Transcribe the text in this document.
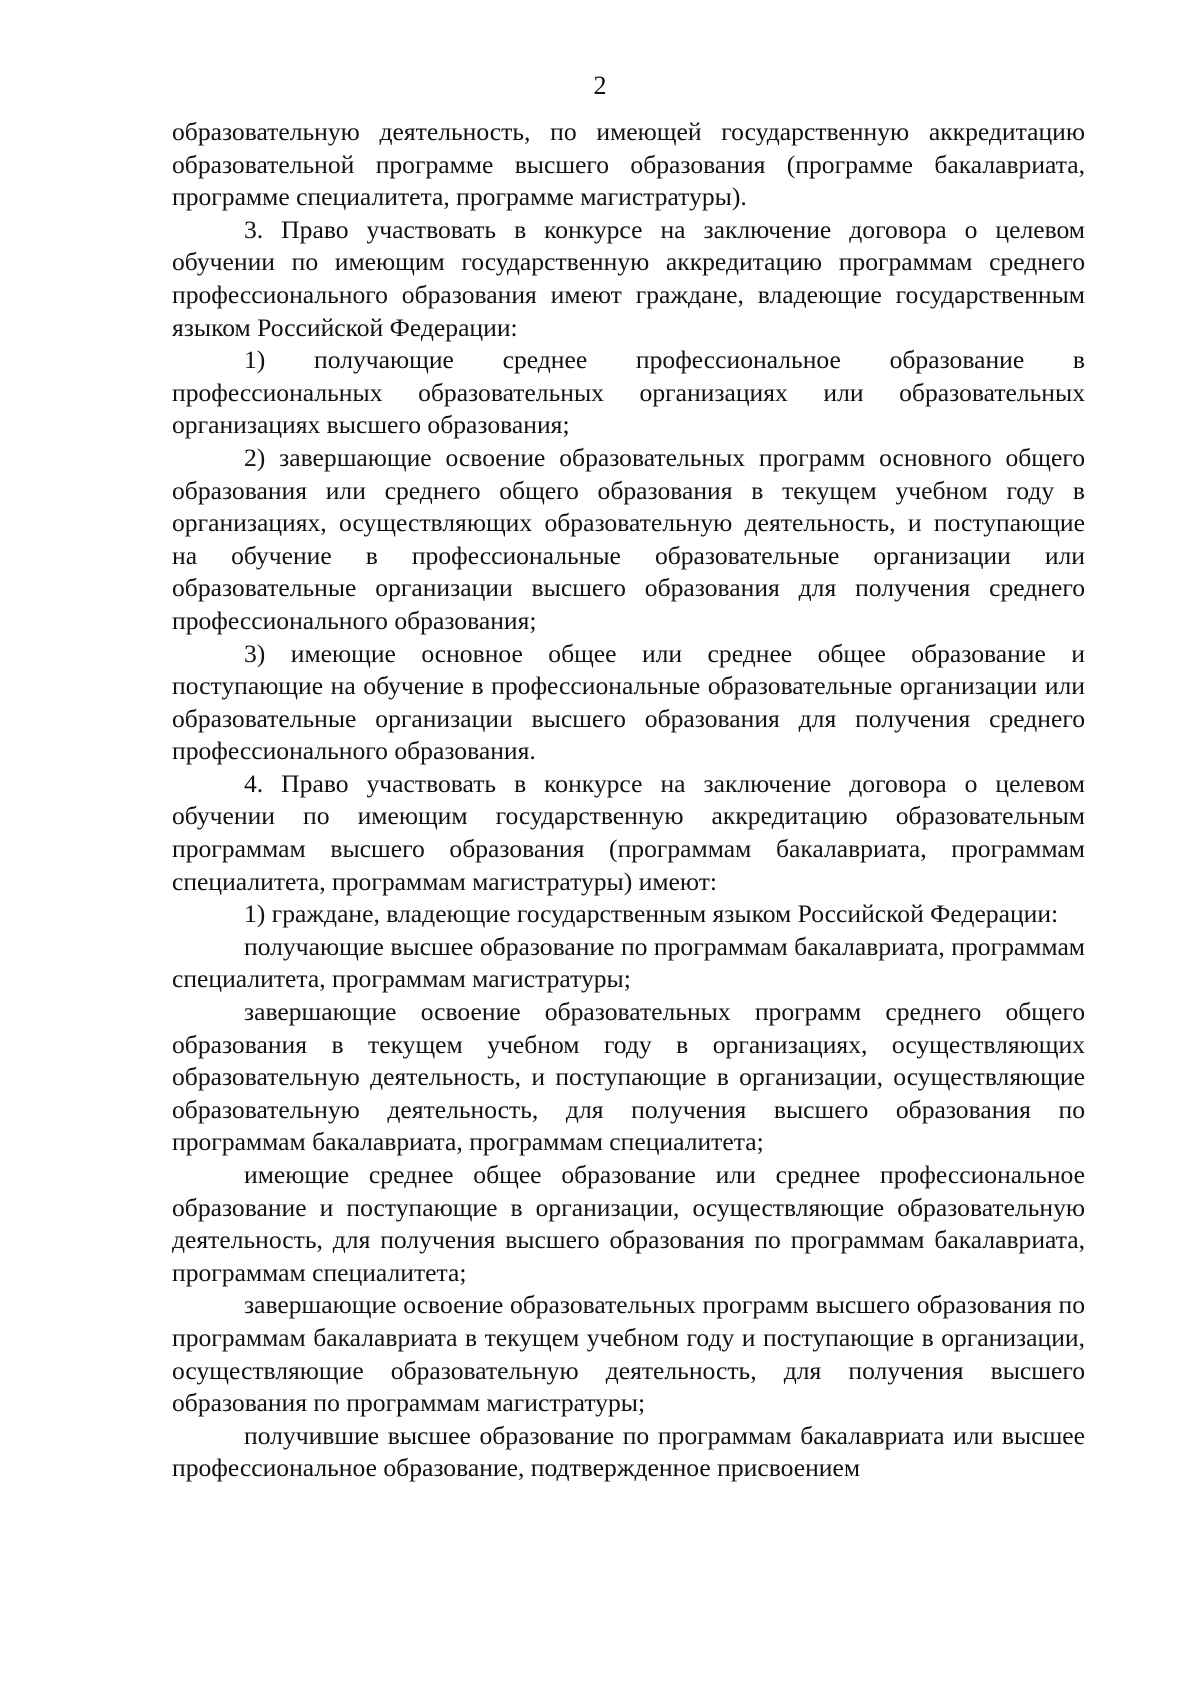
2

образовательную деятельность, по имеющей государственную аккредитацию образовательной программе высшего образования (программе бакалавриата, программе специалитета, программе магистратуры).

3. Право участвовать в конкурсе на заключение договора о целевом обучении по имеющим государственную аккредитацию программам среднего профессионального образования имеют граждане, владеющие государственным языком Российской Федерации:

1) получающие среднее профессиональное образование в профессиональных образовательных организациях или образовательных организациях высшего образования;

2) завершающие освоение образовательных программ основного общего образования или среднего общего образования в текущем учебном году в организациях, осуществляющих образовательную деятельность, и поступающие на обучение в профессиональные образовательные организации или образовательные организации высшего образования для получения среднего профессионального образования;

3) имеющие основное общее или среднее общее образование и поступающие на обучение в профессиональные образовательные организации или образовательные организации высшего образования для получения среднего профессионального образования.

4. Право участвовать в конкурсе на заключение договора о целевом обучении по имеющим государственную аккредитацию образовательным программам высшего образования (программам бакалавриата, программам специалитета, программам магистратуры) имеют:

1) граждане, владеющие государственным языком Российской Федерации:

получающие высшее образование по программам бакалавриата, программам специалитета, программам магистратуры;

завершающие освоение образовательных программ среднего общего образования в текущем учебном году в организациях, осуществляющих образовательную деятельность, и поступающие в организации, осуществляющие образовательную деятельность, для получения высшего образования по программам бакалавриата, программам специалитета;

имеющие среднее общее образование или среднее профессиональное образование и поступающие в организации, осуществляющие образовательную деятельность, для получения высшего образования по программам бакалавриата, программам специалитета;

завершающие освоение образовательных программ высшего образования по программам бакалавриата в текущем учебном году и поступающие в организации, осуществляющие образовательную деятельность, для получения высшего образования по программам магистратуры;

получившие высшее образование по программам бакалавриата или высшее профессиональное образование, подтвержденное присвоением
